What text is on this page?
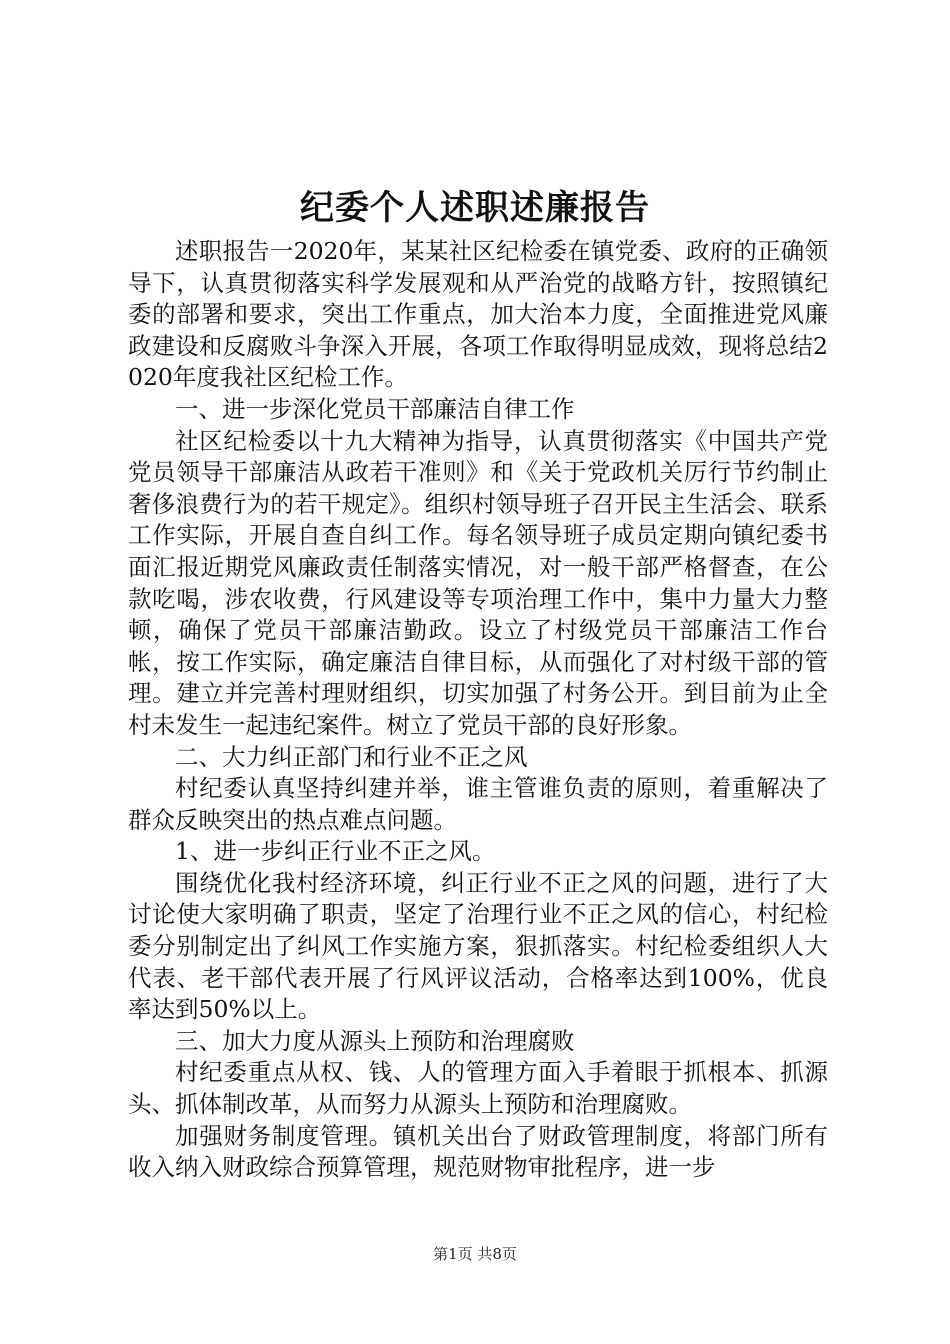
纪委个人述职述廉报告

述职报告一2020年，某某社区纪检委在镇党委、政府的正确领导下，认真贯彻落实科学发展观和从严治党的战略方针，按照镇纪委的部署和要求，突出工作重点，加大治本力度，全面推进党风廉政建设和反腐败斗争深入开展，各项工作取得明显成效，现将总结2020年度我社区纪检工作。

一、进一步深化党员干部廉洁自律工作

社区纪检委以十九大精神为指导，认真贯彻落实《中国共产党党员领导干部廉洁从政若干准则》和《关于党政机关厉行节约制止奢侈浪费行为的若干规定》。组织村领导班子召开民主生活会、联系工作实际，开展自查自纠工作。每名领导班子成员定期向镇纪委书面汇报近期党风廉政责任制落实情况，对一般干部严格督查，在公款吃喝，涉农收费，行风建设等专项治理工作中，集中力量大力整顿，确保了党员干部廉洁勤政。设立了村级党员干部廉洁工作台帐，按工作实际，确定廉洁自律目标，从而强化了对村级干部的管理。建立并完善村理财组织，切实加强了村务公开。到目前为止全村未发生一起违纪案件。树立了党员干部的良好形象。

二、大力纠正部门和行业不正之风

村纪委认真坚持纠建并举，谁主管谁负责的原则，着重解决了群众反映突出的热点难点问题。

1、进一步纠正行业不正之风。

围绕优化我村经济环境，纠正行业不正之风的问题，进行了大讨论使大家明确了职责，坚定了治理行业不正之风的信心，村纪检委分别制定出了纠风工作实施方案，狠抓落实。村纪检委组织人大代表、老干部代表开展了行风评议活动，合格率达到100%，优良率达到50%以上。

三、加大力度从源头上预防和治理腐败

村纪委重点从权、钱、人的管理方面入手着眼于抓根本、抓源头、抓体制改革，从而努力从源头上预防和治理腐败。

加强财务制度管理。镇机关出台了财政管理制度，将部门所有收入纳入财政综合预算管理，规范财物审批程序，进一步

第1页 共8页
